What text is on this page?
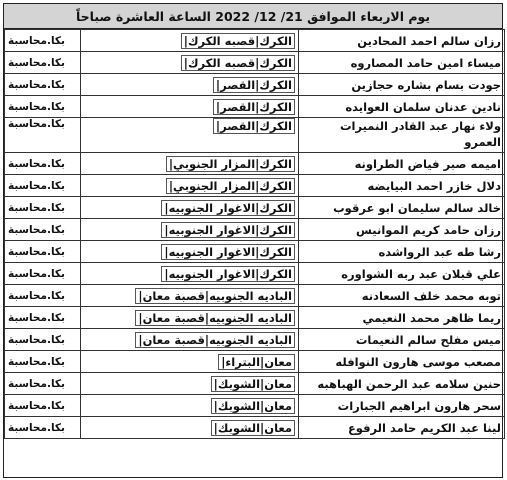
يوم الاربعاء الموافق 21/ 12/ 2022 الساعة العاشرة صباحاً
رزان سالم احمد المحادين	الكرك|قصبه الكرك|	بكا.محاسبة
ميساء امين حامد المصاروه	الكرك|قصبه الكرك|	بكا.محاسبة
جودت بسام بشاره حجازين	الكرك|القصر|	بكا.محاسبة
نادين عدنان سلمان العوايده	الكرك|القصر|	بكا.محاسبة

ولاء نهار عبد القادر النميرات العمرو	الكرك|القصر|	بكا.محاسبة
اميمه صبر فياض الطراونه	الكرك|المزار الجنوبي|	بكا.محاسبة
دلال خازر احمد البيايضه	الكرك|المزار الجنوبي|	بكا.محاسبة
خالد سالم سليمان ابو عرقوب	الكرك|الاغوار الجنوبيه|	بكا.محاسبة
رزان حامد كريم الموانيس	الكرك|الاغوار الجنوبيه|	بكا.محاسبة
رشا طه عبد الرواشده	الكرك|الاغوار الجنوبيه|	بكا.محاسبة
علي قبلان عبد ربه الشواوره	الكرك|الاغوار الجنوبيه|	بكا.محاسبة
توبه محمد خلف السعادنه	الباديه الجنوبيه|قصبة معان|	بكا.محاسبة
ريما ظاهر محمد النعيمي	الباديه الجنوبيه|قصبة معان|	بكا.محاسبة
ميس مفلح سالم النعيمات	الباديه الجنوبيه|قصبة معان|	بكا.محاسبة
مصعب موسى هارون النوافله	معان|البتراء|	بكا.محاسبة
حنين سلامه عبد الرحمن الهباهبه	معان|الشوبك|	بكا.محاسبة
سحر هارون ابراهيم الجبارات	معان|الشوبك|	بكا.محاسبة
لينا عبد الكريم حامد الرفوع	معان|الشوبك|	بكا.محاسبة
